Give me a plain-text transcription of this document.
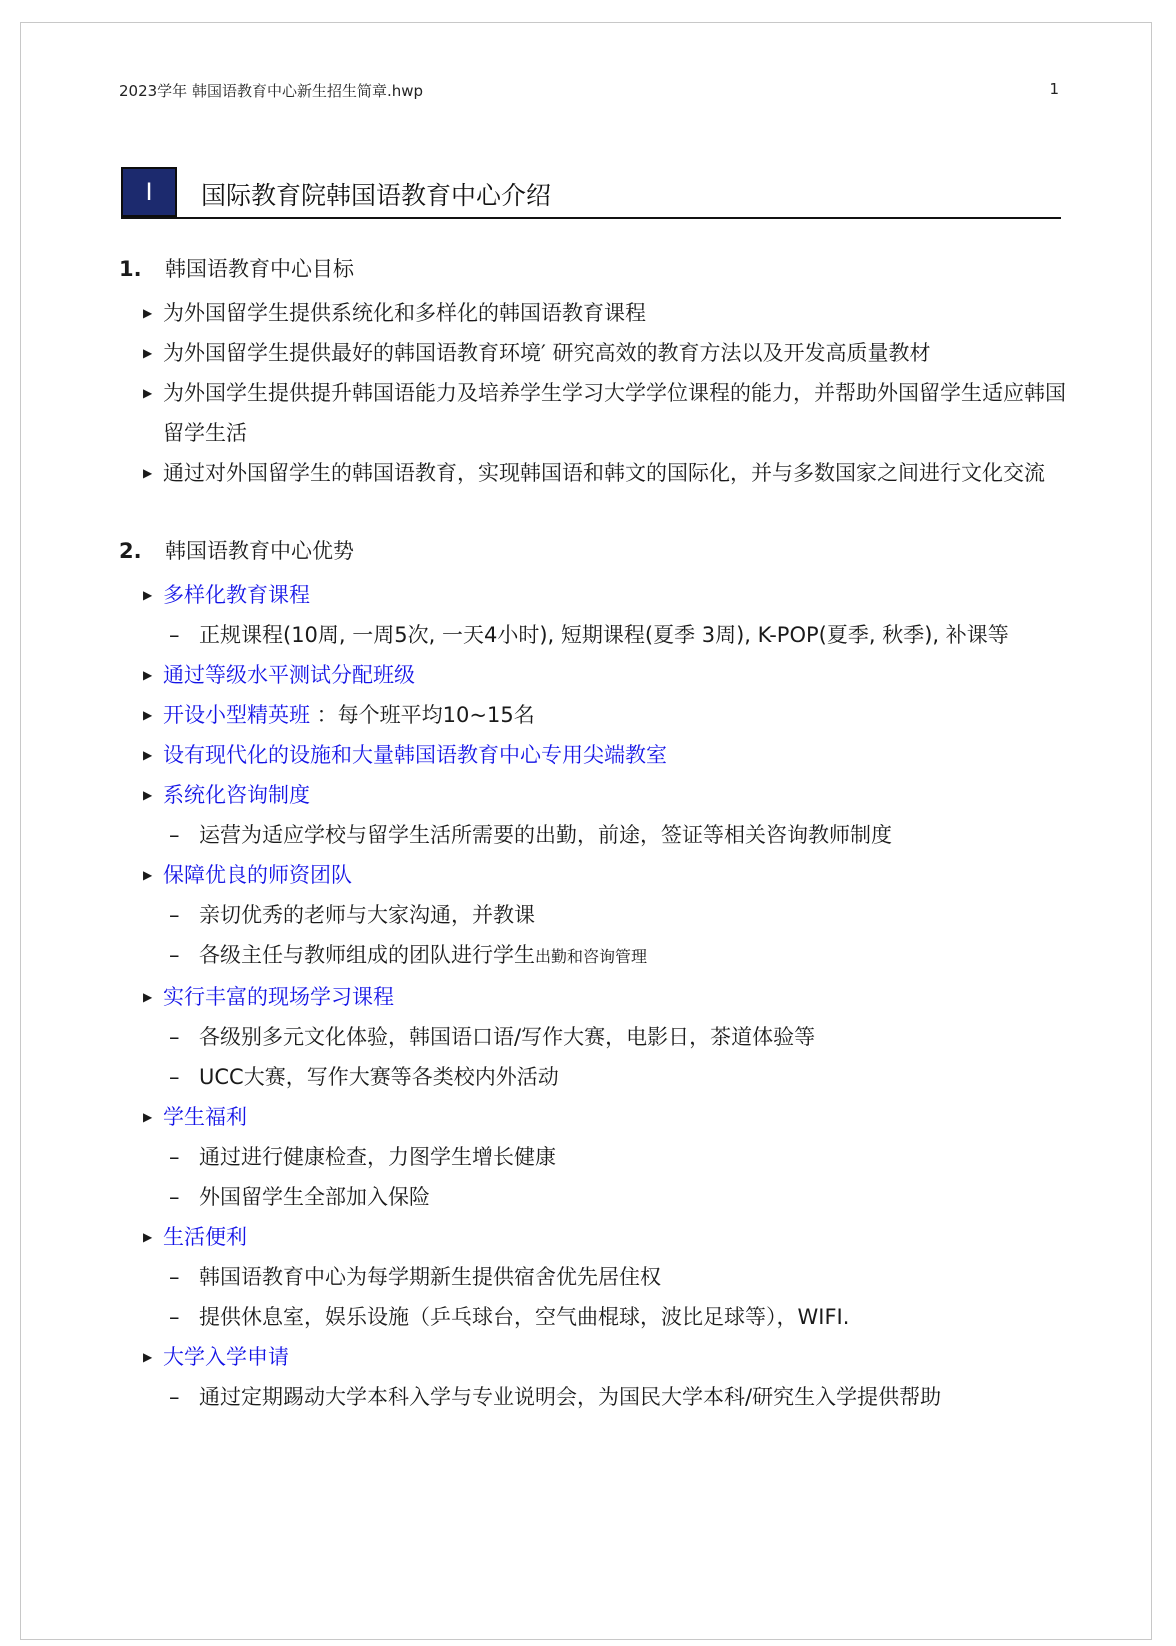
2023学年 韩国语教育中心新生招生简章.hwp	1
I	国际教育院韩国语教育中心介绍
1.	韩国语教育中心目标
▶ 为外国留学生提供系统化和多样化的韩国语教育课程
▶ 为外国留学生提供最好的韩国语教育环境′ 研究高效的教育方法以及开发高质量教材
▶ 为外国学生提供提升韩国语能力及培养学生学习大学学位课程的能力，并帮助外国留学生适应韩国留学生活
▶ 通过对外国留学生的韩国语教育，实现韩国语和韩文的国际化，并与多数国家之间进行文化交流
2.	韩国语教育中心优势
▶ 多样化教育课程
– 正规课程(10周, 一周5次, 一天4小时), 短期课程(夏季 3周), K-POP(夏季, 秋季), 补课等
▶ 通过等级水平测试分配班级
▶ 开设小型精英班 ：每个班平均10~15名
▶ 设有现代化的设施和大量韩国语教育中心专用尖端教室
▶ 系统化咨询制度
– 运营为适应学校与留学生活所需要的出勤，前途，签证等相关咨询教师制度
▶ 保障优良的师资团队
– 亲切优秀的老师与大家沟通，并教课
– 各级主任与教师组成的团队进行学生出勤和咨询管理
▶ 实行丰富的现场学习课程
– 各级别多元文化体验，韩国语口语/写作大赛，电影日，茶道体验等
– UCC大赛，写作大赛等各类校内外活动
▶ 学生福利
– 通过进行健康检查，力图学生增长健康
– 外国留学生全部加入保险
▶ 生活便利
– 韩国语教育中心为每学期新生提供宿舍优先居住权
– 提供休息室，娱乐设施（乒乓球台，空气曲棍球，波比足球等），WIFI.
▶ 大学入学申请
– 通过定期踢动大学本科入学与专业说明会，为国民大学本科/研究生入学提供帮助
